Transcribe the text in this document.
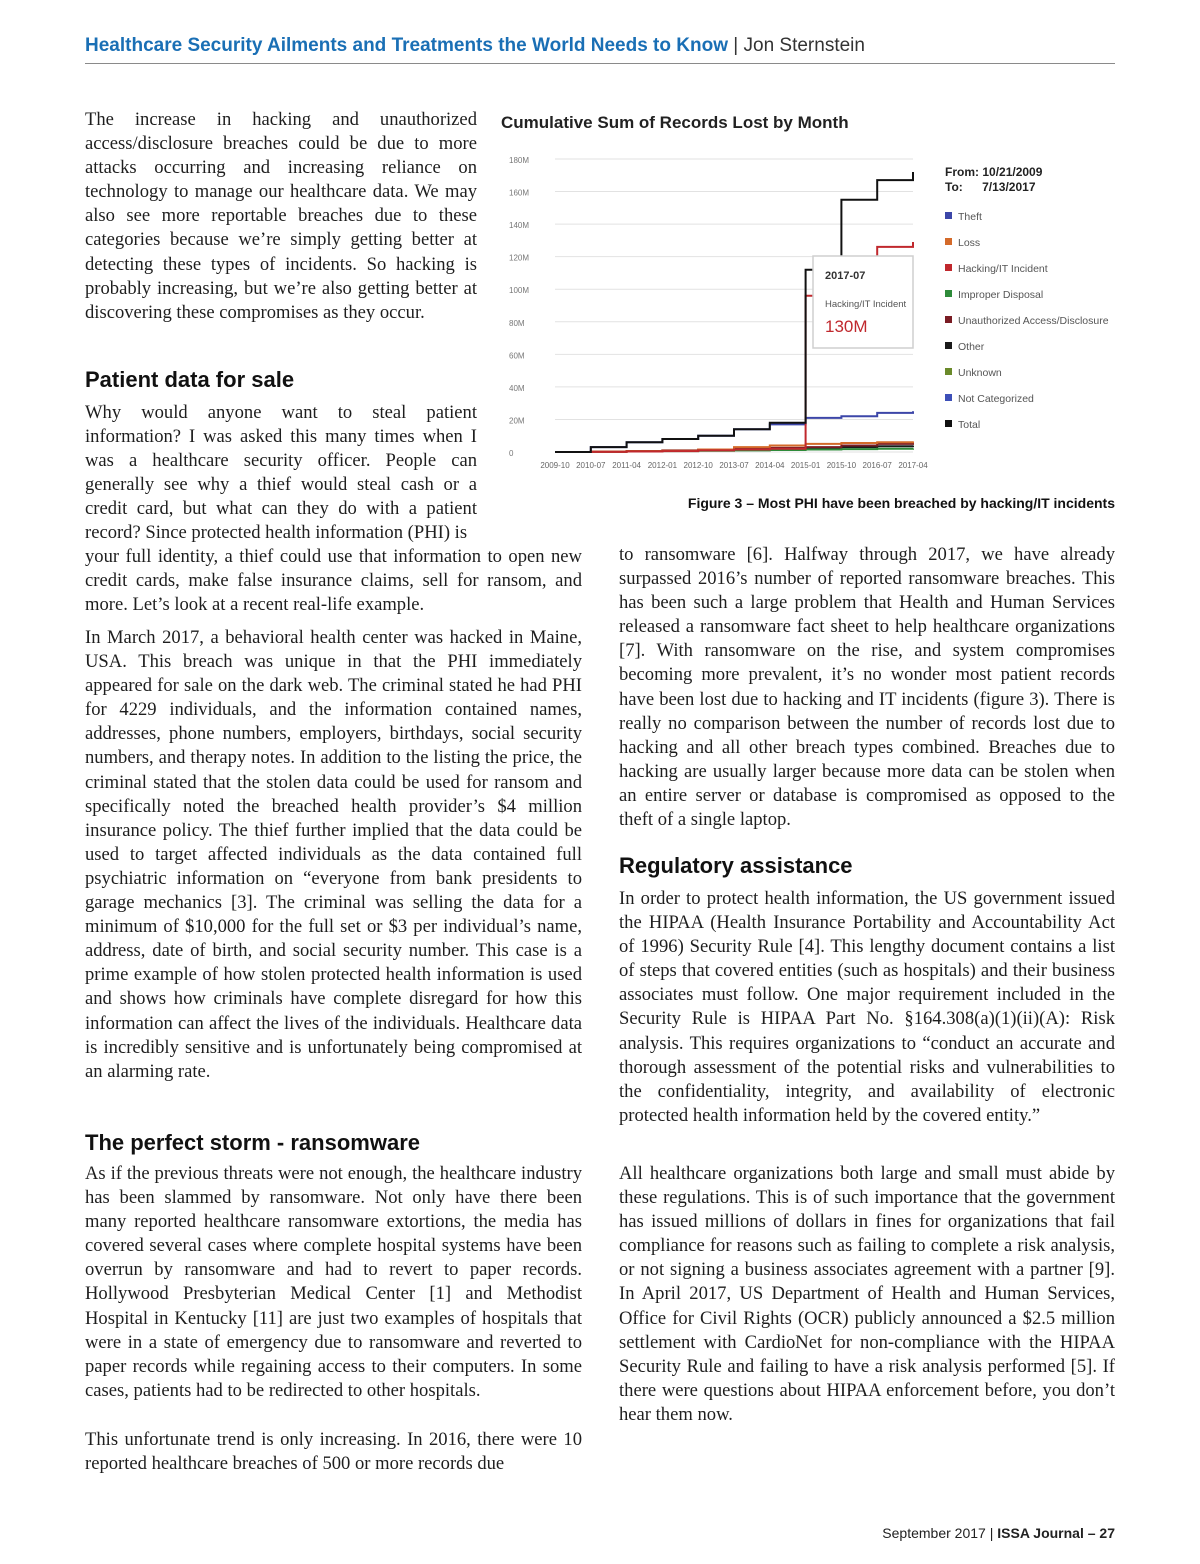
Healthcare Security Ailments and Treatments the World Needs to Know | Jon Sternstein

The increase in hacking and unauthorized access/disclosure breaches could be due to more attacks occurring and increasing reliance on technology to manage our healthcare data. We may also see more reportable breaches due to these categories because we’re simply getting better at detecting these types of incidents. So hacking is probably increasing, but we’re also getting better at discovering these compromises as they occur.

Patient data for sale

Why would anyone want to steal patient information? I was asked this many times when I was a healthcare security officer. People can generally see why a thief would steal cash or a credit card, but what can they do with a patient record? Since protected health information (PHI) is

your full identity, a thief could use that information to open new credit cards, make false insurance claims, sell for ransom, and more. Let’s look at a recent real-life example.

In March 2017, a behavioral health center was hacked in Maine, USA. This breach was unique in that the PHI immediately appeared for sale on the dark web. The criminal stated he had PHI for 4229 individuals, and the information contained names, addresses, phone numbers, employers, birthdays, social security numbers, and therapy notes. In addition to the listing the price, the criminal stated that the stolen data could be used for ransom and specifically noted the breached health provider’s $4 million insurance policy. The thief further implied that the data could be used to target affected individuals as the data contained full psychiatric information on “everyone from bank presidents to garage mechanics [3]. The criminal was selling the data for a minimum of $10,000 for the full set or $3 per individual’s name, address, date of birth, and social security number. This case is a prime example of how stolen protected health information is used and shows how criminals have complete disregard for how this information can affect the lives of the individuals. Healthcare data is incredibly sensitive and is unfortunately being compromised at an alarming rate.

The perfect storm - ransomware

As if the previous threats were not enough, the healthcare industry has been slammed by ransomware. Not only have there been many reported healthcare ransomware extortions, the media has covered several cases where complete hospital systems have been overrun by ransomware and had to revert to paper records. Hollywood Presbyterian Medical Center [1] and Methodist Hospital in Kentucky [11] are just two examples of hospitals that were in a state of emergency due to ransomware and reverted to paper records while regaining access to their computers. In some cases, patients had to be redirected to other hospitals.

This unfortunate trend is only increasing. In 2016, there were 10 reported healthcare breaches of 500 or more records due

Cumulative Sum of Records Lost by Month
0
20M
40M
60M
80M
100M
120M
140M
160M
180M
2009-10 2010-07 2011-04 2012-01 2012-10 2013-07 2014-04 2015-01 2015-10 2016-07 2017-04
2017-07
Hacking/IT Incident
130M
From: 10/21/2009
To: 7/13/2017
Theft
Loss
Hacking/IT Incident
Improper Disposal
Unauthorized Access/Disclosure
Other
Unknown
Not Categorized
Total
Figure 3 – Most PHI have been breached by hacking/IT incidents

to ransomware [6]. Halfway through 2017, we have already surpassed 2016’s number of reported ransomware breaches. This has been such a large problem that Health and Human Services released a ransomware fact sheet to help healthcare organizations [7]. With ransomware on the rise, and system compromises becoming more prevalent, it’s no wonder most patient records have been lost due to hacking and IT incidents (figure 3). There is really no comparison between the number of records lost due to hacking and all other breach types combined. Breaches due to hacking are usually larger because more data can be stolen when an entire server or database is compromised as opposed to the theft of a single laptop.

Regulatory assistance

In order to protect health information, the US government issued the HIPAA (Health Insurance Portability and Accountability Act of 1996) Security Rule [4]. This lengthy document contains a list of steps that covered entities (such as hospitals) and their business associates must follow. One major requirement included in the Security Rule is HIPAA Part No. §164.308(a)(1)(ii)(A): Risk analysis. This requires organizations to “conduct an accurate and thorough assessment of the potential risks and vulnerabilities to the confidentiality, integrity, and availability of electronic protected health information held by the covered entity.”

All healthcare organizations both large and small must abide by these regulations. This is of such importance that the government has issued millions of dollars in fines for organizations that fail compliance for reasons such as failing to complete a risk analysis, or not signing a business associates agreement with a partner [9]. In April 2017, US Department of Health and Human Services, Office for Civil Rights (OCR) publicly announced a $2.5 million settlement with CardioNet for non-compliance with the HIPAA Security Rule and failing to have a risk analysis performed [5]. If there were questions about HIPAA enforcement before, you don’t hear them now.

September 2017 | ISSA Journal – 27
